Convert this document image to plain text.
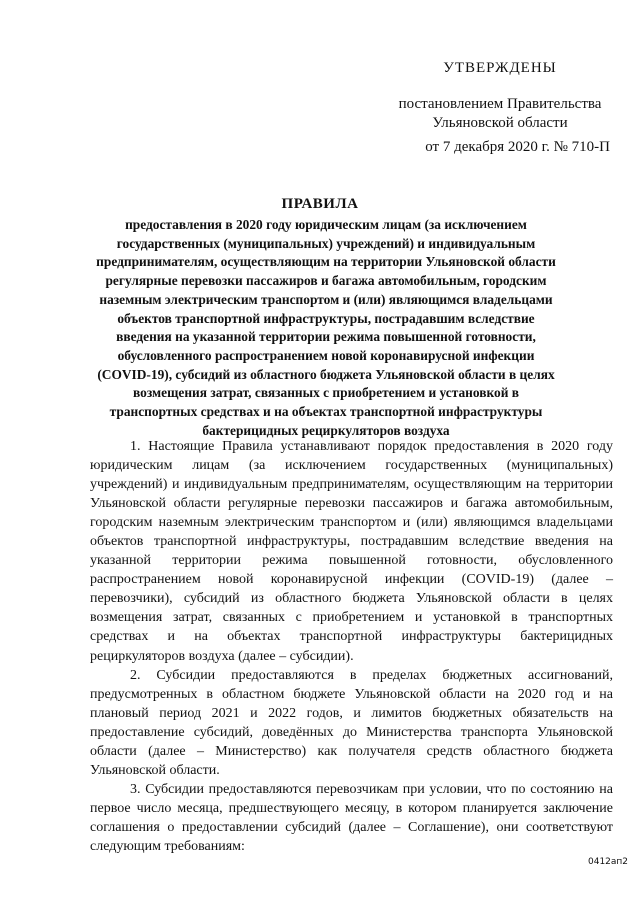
УТВЕРЖДЕНЫ
постановлением Правительства
Ульяновской области
от 7 декабря 2020 г. № 710-П
ПРАВИЛА
предоставления в 2020 году юридическим лицам (за исключением государственных (муниципальных) учреждений) и индивидуальным предпринимателям, осуществляющим на территории Ульяновской области регулярные перевозки пассажиров и багажа автомобильным, городским наземным электрическим транспортом и (или) являющимся владельцами объектов транспортной инфраструктуры, пострадавшим вследствие введения на указанной территории режима повышенной готовности, обусловленного распространением новой коронавирусной инфекции (COVID-19), субсидий из областного бюджета Ульяновской области в целях возмещения затрат, связанных с приобретением и установкой в транспортных средствах и на объектах транспортной инфраструктуры бактерицидных рециркуляторов воздуха

1. Настоящие Правила устанавливают порядок предоставления в 2020 году юридическим лицам (за исключением государственных (муниципальных) учреждений) и индивидуальным предпринимателям, осуществляющим на территории Ульяновской области регулярные перевозки пассажиров и багажа автомобильным, городским наземным электрическим транспортом и (или) являющимся владельцами объектов транспортной инфраструктуры, пострадавшим вследствие введения на указанной территории режима повышенной готовности, обусловленного распространением новой коронавирусной инфекции (COVID-19) (далее – перевозчики), субсидий из областного бюджета Ульяновской области в целях возмещения затрат, связанных с приобретением и установкой в транспортных средствах и на объектах транспортной инфраструктуры бактерицидных рециркуляторов воздуха (далее – субсидии).

2. Субсидии предоставляются в пределах бюджетных ассигнований, предусмотренных в областном бюджете Ульяновской области на 2020 год и на плановый период 2021 и 2022 годов, и лимитов бюджетных обязательств на предоставление субсидий, доведённых до Министерства транспорта Ульяновской области (далее – Министерство) как получателя средств областного бюджета Ульяновской области.

3. Субсидии предоставляются перевозчикам при условии, что по состоянию на первое число месяца, предшествующего месяцу, в котором планируется заключение соглашения о предоставлении субсидий (далее – Соглашение), они соответствуют следующим требованиям:

0412ап2
